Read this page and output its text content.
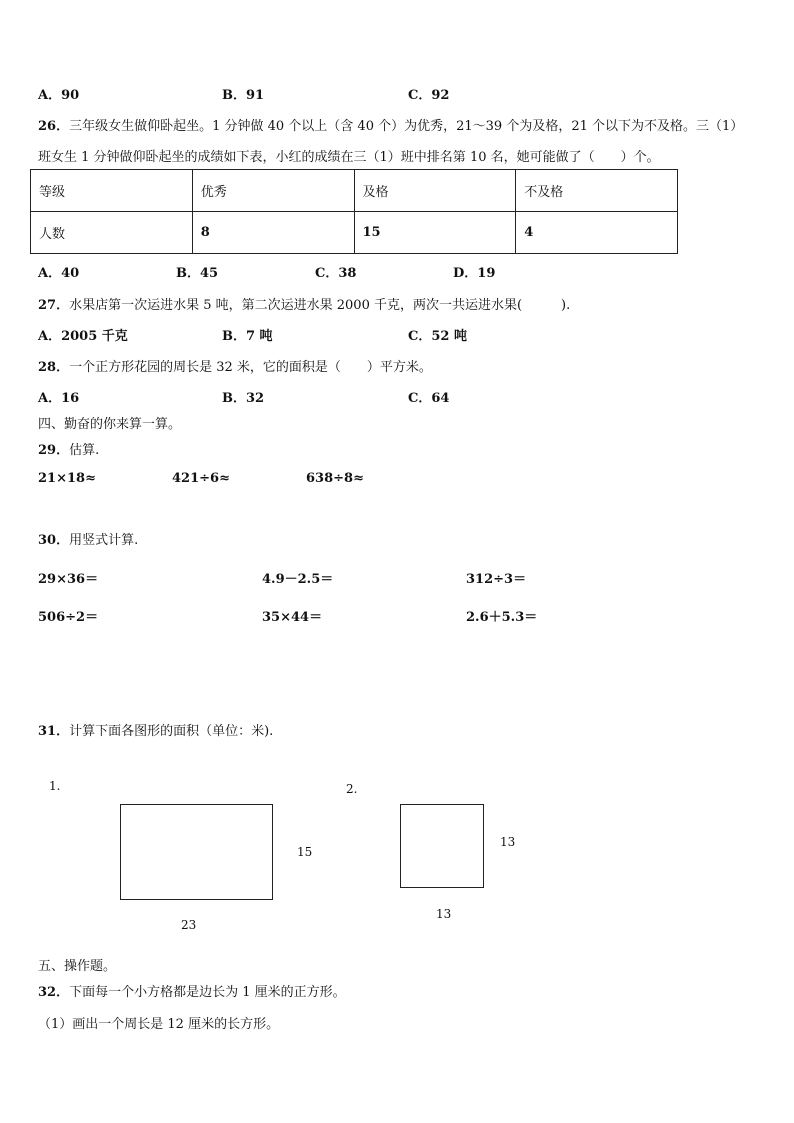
A．90	B．91	C．92
26．三年级女生做仰卧起坐。1 分钟做 40 个以上（含 40 个）为优秀，21～39 个为及格，21 个以下为不及格。三（1）
班女生 1 分钟做仰卧起坐的成绩如下表，小红的成绩在三（1）班中排名第 10 名，她可能做了（　　）个。
等级	优秀	及格	不及格
人数	8	15	4
A．40	B．45	C．38	D．19
27．水果店第一次运进水果 5 吨，第二次运进水果 2000 千克，两次一共运进水果(　　　).
A．2005 千克	B．7 吨	C．52 吨
28．一个正方形花园的周长是 32 米，它的面积是（　　）平方米。
A．16	B．32	C．64
四、勤奋的你来算一算。
29．估算.
21×18≈	421÷6≈	638÷8≈
30．用竖式计算.
29×36＝	4.9－2.5＝	312÷3＝
506÷2＝	35×44＝	2.6＋5.3＝
31．计算下面各图形的面积（单位：米).
1.
15
23
2.
13
13
五、操作题。
32．下面每一个小方格都是边长为 1 厘米的正方形。
（1）画出一个周长是 12 厘米的长方形。
